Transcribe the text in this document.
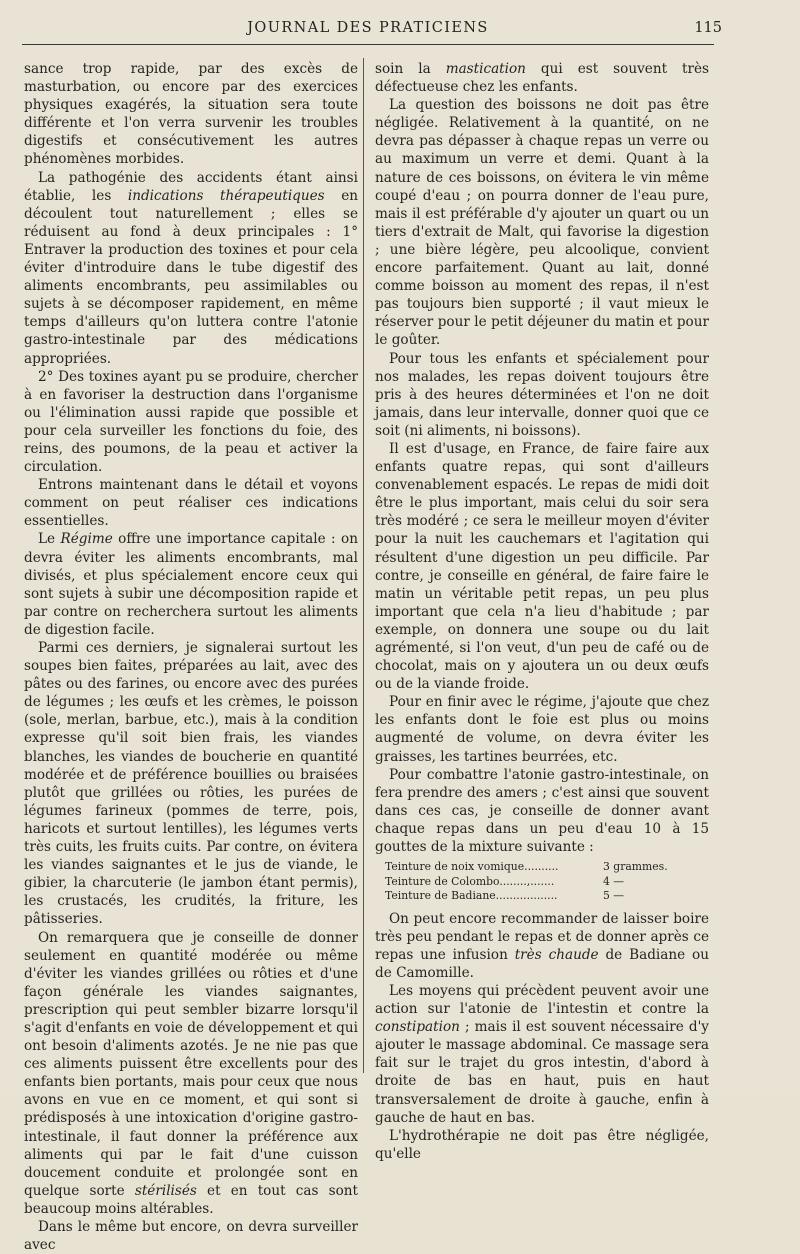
JOURNAL DES PRATICIENS	115

sance trop rapide, par des excès de masturbation, ou encore par des exercices physiques exagérés, la situation sera toute différente et l'on verra survenir les troubles digestifs et consécutivement les autres phénomènes morbides.

La pathogénie des accidents étant ainsi établie, les indications thérapeutiques en découlent tout naturellement ; elles se réduisent au fond à deux principales : 1° Entraver la production des toxines et pour cela éviter d'introduire dans le tube digestif des aliments encombrants, peu assimilables ou sujets à se décomposer rapidement, en même temps d'ailleurs qu'on luttera contre l'atonie gastro-intestinale par des médications appropriées.

2° Des toxines ayant pu se produire, chercher à en favoriser la destruction dans l'organisme ou l'élimination aussi rapide que possible et pour cela surveiller les fonctions du foie, des reins, des poumons, de la peau et activer la circulation.

Entrons maintenant dans le détail et voyons comment on peut réaliser ces indications essentielles.

Le Régime offre une importance capitale : on devra éviter les aliments encombrants, mal divisés, et plus spécialement encore ceux qui sont sujets à subir une décomposition rapide et par contre on recherchera surtout les aliments de digestion facile.

Parmi ces derniers, je signalerai surtout les soupes bien faites, préparées au lait, avec des pâtes ou des farines, ou encore avec des purées de légumes ; les œufs et les crèmes, le poisson (sole, merlan, barbue, etc.), mais à la condition expresse qu'il soit bien frais, les viandes blanches, les viandes de boucherie en quantité modérée et de préférence bouillies ou braisées plutôt que grillées ou rôties, les purées de légumes farineux (pommes de terre, pois, haricots et surtout lentilles), les légumes verts très cuits, les fruits cuits. Par contre, on évitera les viandes saignantes et le jus de viande, le gibier, la charcuterie (le jambon étant permis), les crustacés, les crudités, la friture, les pâtisseries.

On remarquera que je conseille de donner seulement en quantité modérée ou même d'éviter les viandes grillées ou rôties et d'une façon générale les viandes saignantes, prescription qui peut sembler bizarre lorsqu'il s'agit d'enfants en voie de développement et qui ont besoin d'aliments azotés. Je ne nie pas que ces aliments puissent être excellents pour des enfants bien portants, mais pour ceux que nous avons en vue en ce moment, et qui sont si prédisposés à une intoxication d'origine gastro-intestinale, il faut donner la préférence aux aliments qui par le fait d'une cuisson doucement conduite et prolongée sont en quelque sorte stérilisés et en tout cas sont beaucoup moins altérables.

Dans le même but encore, on devra surveiller avec

soin la mastication qui est souvent très défectueuse chez les enfants.

La question des boissons ne doit pas être négligée. Relativement à la quantité, on ne devra pas dépasser à chaque repas un verre ou au maximum un verre et demi. Quant à la nature de ces boissons, on évitera le vin même coupé d'eau ; on pourra donner de l'eau pure, mais il est préférable d'y ajouter un quart ou un tiers d'extrait de Malt, qui favorise la digestion ; une bière légère, peu alcoolique, convient encore parfaitement. Quant au lait, donné comme boisson au moment des repas, il n'est pas toujours bien supporté ; il vaut mieux le réserver pour le petit déjeuner du matin et pour le goûter.

Pour tous les enfants et spécialement pour nos malades, les repas doivent toujours être pris à des heures déterminées et l'on ne doit jamais, dans leur intervalle, donner quoi que ce soit (ni aliments, ni boissons).

Il est d'usage, en France, de faire faire aux enfants quatre repas, qui sont d'ailleurs convenablement espacés. Le repas de midi doit être le plus important, mais celui du soir sera très modéré ; ce sera le meilleur moyen d'éviter pour la nuit les cauchemars et l'agitation qui résultent d'une digestion un peu difficile. Par contre, je conseille en général, de faire faire le matin un véritable petit repas, un peu plus important que cela n'a lieu d'habitude ; par exemple, on donnera une soupe ou du lait agrémenté, si l'on veut, d'un peu de café ou de chocolat, mais on y ajoutera un ou deux œufs ou de la viande froide.

Pour en finir avec le régime, j'ajoute que chez les enfants dont le foie est plus ou moins augmenté de volume, on devra éviter les graisses, les tartines beurrées, etc.

Pour combattre l'atonie gastro-intestinale, on fera prendre des amers ; c'est ainsi que souvent dans ces cas, je conseille de donner avant chaque repas dans un peu d'eau 10 à 15 gouttes de la mixture suivante :

Teinture de noix vomique..........	3 grammes.
Teinture de Colombo........,.......	4 —
Teinture de Badiane..................	5 —

On peut encore recommander de laisser boire très peu pendant le repas et de donner après ce repas une infusion très chaude de Badiane ou de Camomille.

Les moyens qui précèdent peuvent avoir une action sur l'atonie de l'intestin et contre la constipation ; mais il est souvent nécessaire d'y ajouter le massage abdominal. Ce massage sera fait sur le trajet du gros intestin, d'abord à droite de bas en haut, puis en haut transversalement de droite à gauche, enfin à gauche de haut en bas.

L'hydrothérapie ne doit pas être négligée, qu'elle
